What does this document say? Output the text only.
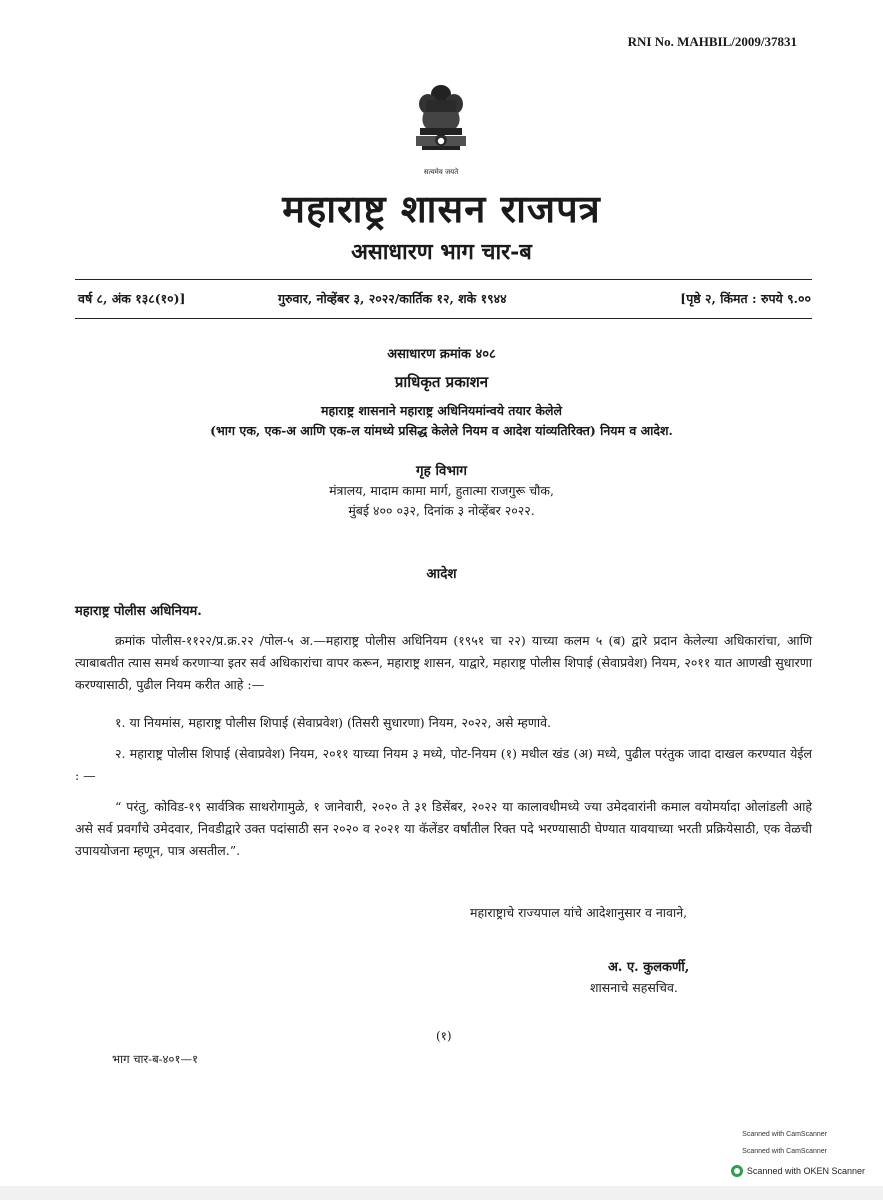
RNI No. MAHBIL/2009/37831
सत्यमेव जयते
महाराष्ट्र शासन राजपत्र
असाधारण भाग चार-ब
वर्ष ८, अंक १३८(१०)]	गुरुवार, नोव्हेंबर ३, २०२२/कार्तिक १२, शके १९४४	[पृष्ठे २, किंमत : रुपये ९.००
असाधारण क्रमांक ४०८
प्राधिकृत प्रकाशन
महाराष्ट्र शासनाने महाराष्ट्र अधिनियमांन्वये तयार केलेले
(भाग एक, एक-अ आणि एक-ल यांमध्ये प्रसिद्ध केलेले नियम व आदेश यांव्यतिरिक्त) नियम व आदेश.
गृह विभाग
मंत्रालय, मादाम कामा मार्ग, हुतात्मा राजगुरू चौक,
मुंबई ४०० ०३२, दिनांक ३ नोव्हेंबर २०२२.
आदेश
महाराष्ट्र पोलीस अधिनियम.
क्रमांक पोलीस-११२२/प्र.क्र.२२ /पोल-५ अ.—महाराष्ट्र पोलीस अधिनियम (१९५१ चा २२) याच्या कलम ५ (ब) द्वारे प्रदान केलेल्या अधिकारांचा, आणि त्याबाबतीत त्यास समर्थ करणाऱ्या इतर सर्व अधिकारांचा वापर करून, महाराष्ट्र शासन, याद्वारे, महाराष्ट्र पोलीस शिपाई (सेवाप्रवेश) नियम, २०११ यात आणखी सुधारणा करण्यासाठी, पुढील नियम करीत आहे :—
१. या नियमांस, महाराष्ट्र पोलीस शिपाई (सेवाप्रवेश) (तिसरी सुधारणा) नियम, २०२२, असे म्हणावे.
२. महाराष्ट्र पोलीस शिपाई (सेवाप्रवेश) नियम, २०११ याच्या नियम ३ मध्ये, पोट-नियम (१) मधील खंड (अ) मध्ये, पुढील परंतुक जादा दाखल करण्यात येईल : —
“ परंतु, कोविड-१९ सार्वत्रिक साथरोगामुळे, १ जानेवारी, २०२० ते ३१ डिसेंबर, २०२२ या कालावधीमध्ये ज्या उमेदवारांनी कमाल वयोमर्यादा ओलांडली आहे असे सर्व प्रवर्गांचे उमेदवार, निवडीद्वारे उक्त पदांसाठी सन २०२० व २०२१ या कॅलेंडर वर्षांतील रिक्त पदे भरण्यासाठी घेण्यात यावयाच्या भरती प्रक्रियेसाठी, एक वेळची उपाययोजना म्हणून, पात्र असतील.”.
महाराष्ट्राचे राज्यपाल यांचे आदेशानुसार व नावाने,
अ. ए. कुलकर्णी,
शासनाचे सहसचिव.
(१)
भाग चार-ब-४०१—१
Scanned with CamScanner
Scanned with CamScanner
Scanned with OKEN Scanner
